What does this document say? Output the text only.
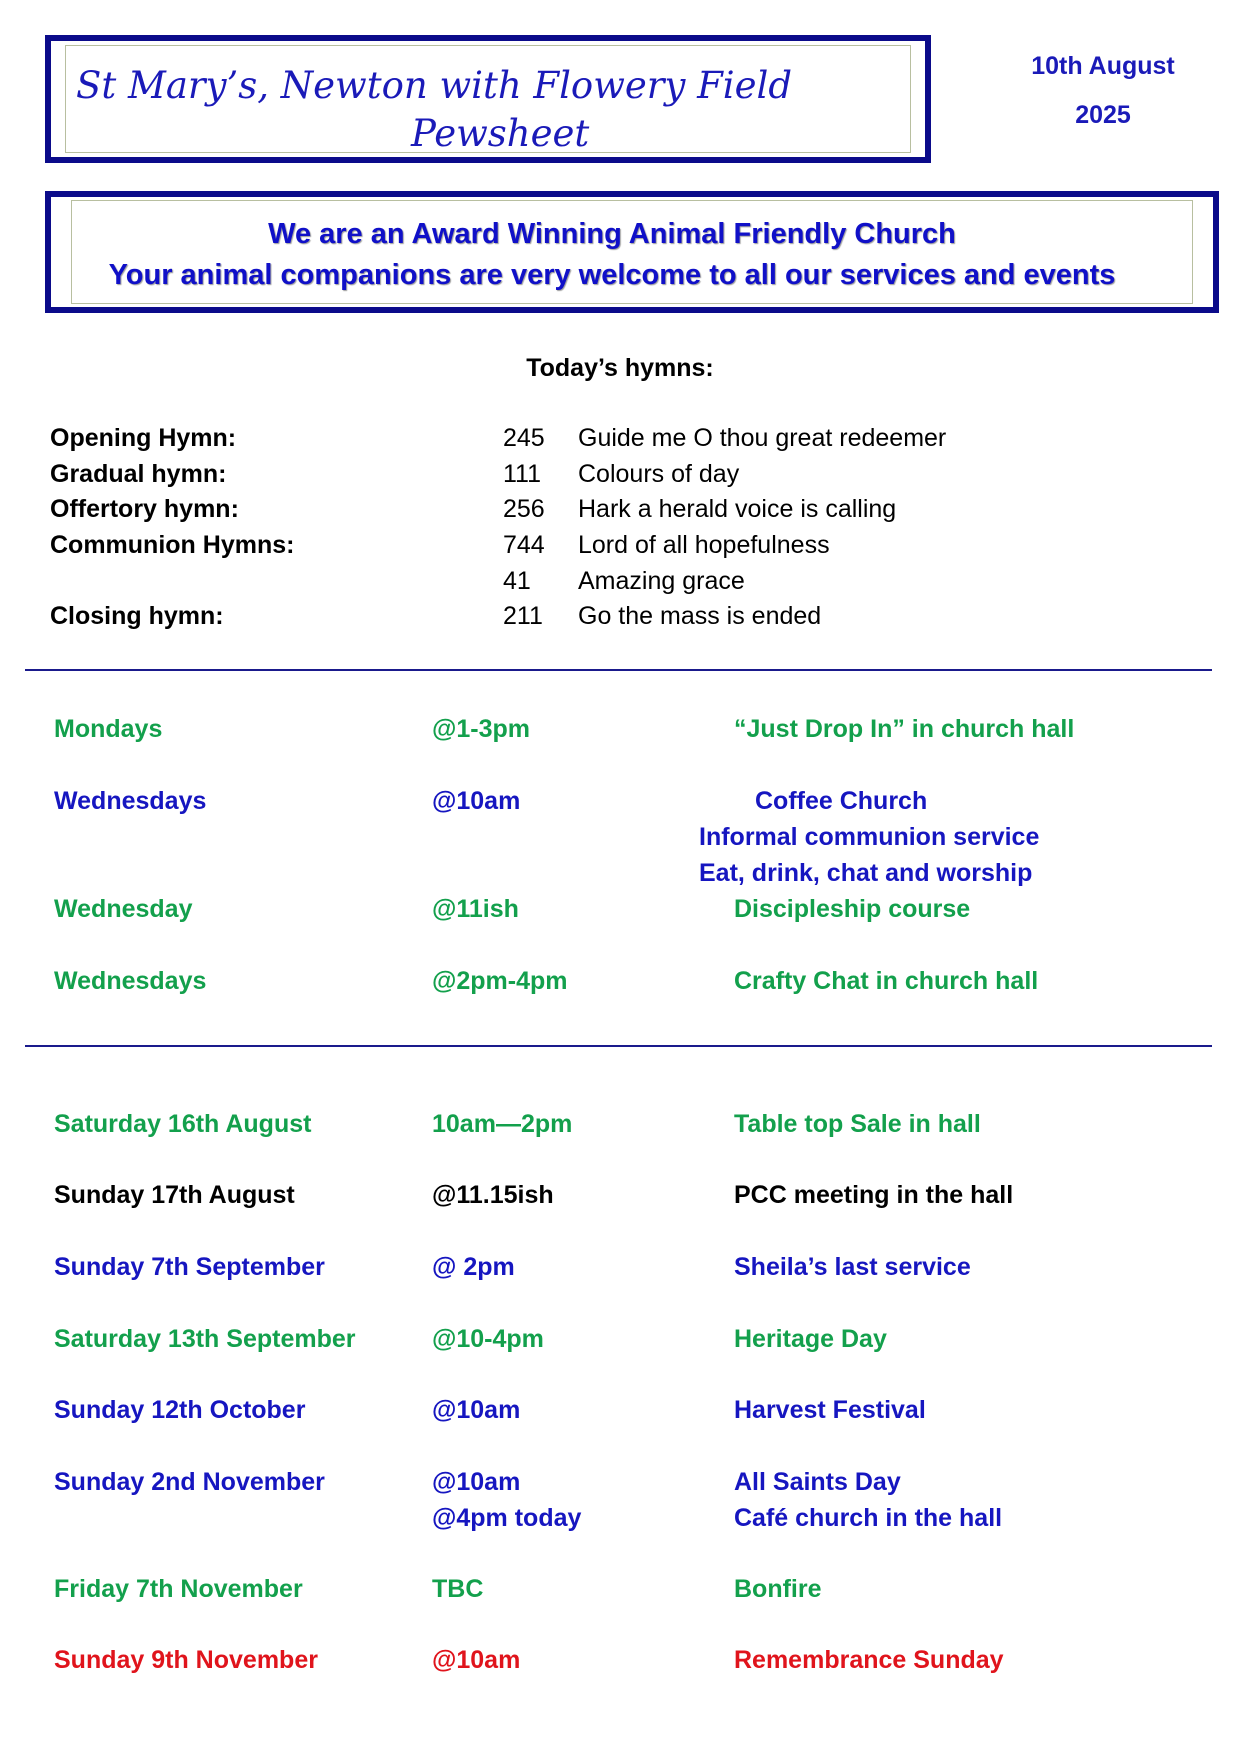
St Mary’s, Newton with Flowery Field
Pewsheet
10th August
2025
We are an Award Winning Animal Friendly Church
Your animal companions are very welcome to all our services and events
Today’s hymns:
Opening Hymn:	245 Guide me O thou great redeemer
Gradual hymn:	111 Colours of day
Offertory hymn:	256 Hark a herald voice is calling
Communion Hymns:	744 Lord of all hopefulness
41 Amazing grace
Closing hymn:	211 Go the mass is ended
Mondays	@1-3pm	“Just Drop In” in church hall
Wednesdays	@10am	Coffee Church
Informal communion service
Eat, drink, chat and worship
Wednesday	@11ish	Discipleship course
Wednesdays	@2pm-4pm	Crafty Chat in church hall
Saturday 16th August	10am—2pm	Table top Sale in hall
Sunday 17th August	@11.15ish	PCC meeting in the hall
Sunday 7th September	@ 2pm	Sheila’s last service
Saturday 13th September	@10-4pm	Heritage Day
Sunday 12th October	@10am	Harvest Festival
Sunday 2nd November	@10am	All Saints Day
@4pm today	Café church in the hall
Friday 7th November	TBC	Bonfire
Sunday 9th November	@10am	Remembrance Sunday
